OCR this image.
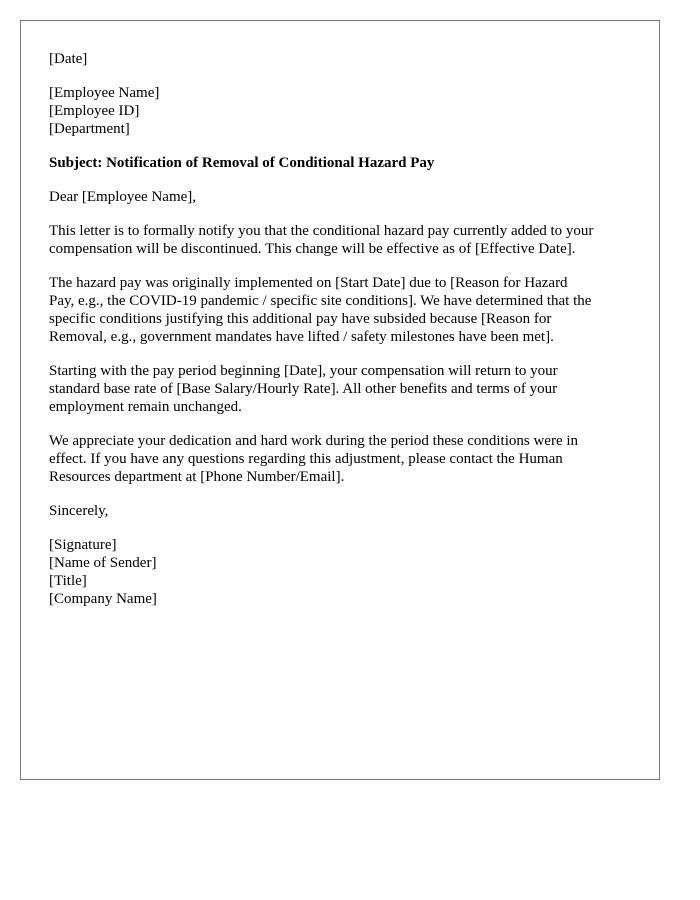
[Date]
[Employee Name]
[Employee ID]
[Department]
Subject: Notification of Removal of Conditional Hazard Pay
Dear [Employee Name],

This letter is to formally notify you that the conditional hazard pay currently added to your
compensation will be discontinued. This change will be effective as of [Effective Date].

The hazard pay was originally implemented on [Start Date] due to [Reason for Hazard
Pay, e.g., the COVID-19 pandemic / specific site conditions]. We have determined that the
specific conditions justifying this additional pay have subsided because [Reason for
Removal, e.g., government mandates have lifted / safety milestones have been met].

Starting with the pay period beginning [Date], your compensation will return to your
standard base rate of [Base Salary/Hourly Rate]. All other benefits and terms of your
employment remain unchanged.

We appreciate your dedication and hard work during the period these conditions were in
effect. If you have any questions regarding this adjustment, please contact the Human
Resources department at [Phone Number/Email].

Sincerely,
[Signature]
[Name of Sender]
[Title]
[Company Name]
